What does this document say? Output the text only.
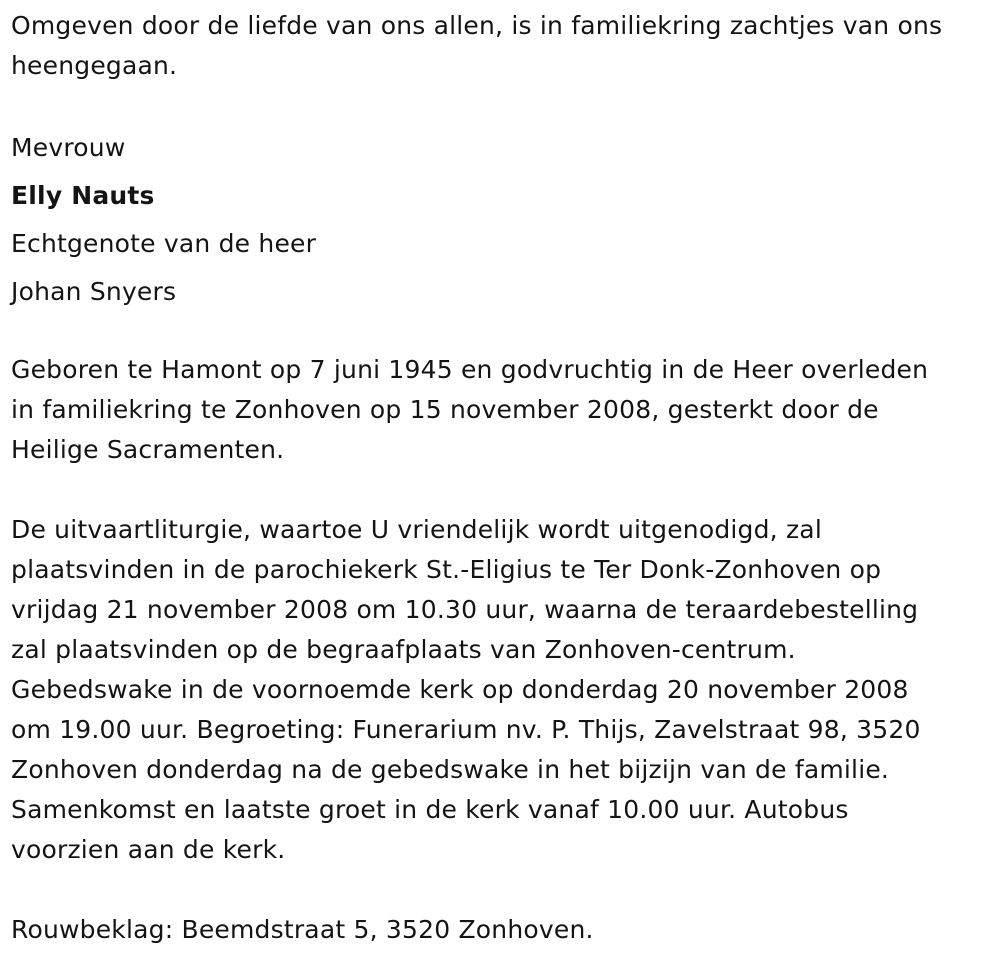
Omgeven door de liefde van ons allen, is in familiekring zachtjes van ons
heengegaan.
Mevrouw
Elly Nauts
Echtgenote van de heer
Johan Snyers
Geboren te Hamont op 7 juni 1945 en godvruchtig in de Heer overleden
in familiekring te Zonhoven op 15 november 2008, gesterkt door de
Heilige Sacramenten.
De uitvaartliturgie, waartoe U vriendelijk wordt uitgenodigd, zal
plaatsvinden in de parochiekerk St.-Eligius te Ter Donk-Zonhoven op
vrijdag 21 november 2008 om 10.30 uur, waarna de teraardebestelling
zal plaatsvinden op de begraafplaats van Zonhoven-centrum.
Gebedswake in de voornoemde kerk op donderdag 20 november 2008
om 19.00 uur. Begroeting: Funerarium nv. P. Thijs, Zavelstraat 98, 3520
Zonhoven donderdag na de gebedswake in het bijzijn van de familie.
Samenkomst en laatste groet in de kerk vanaf 10.00 uur. Autobus
voorzien aan de kerk.
Rouwbeklag: Beemdstraat 5, 3520 Zonhoven.
